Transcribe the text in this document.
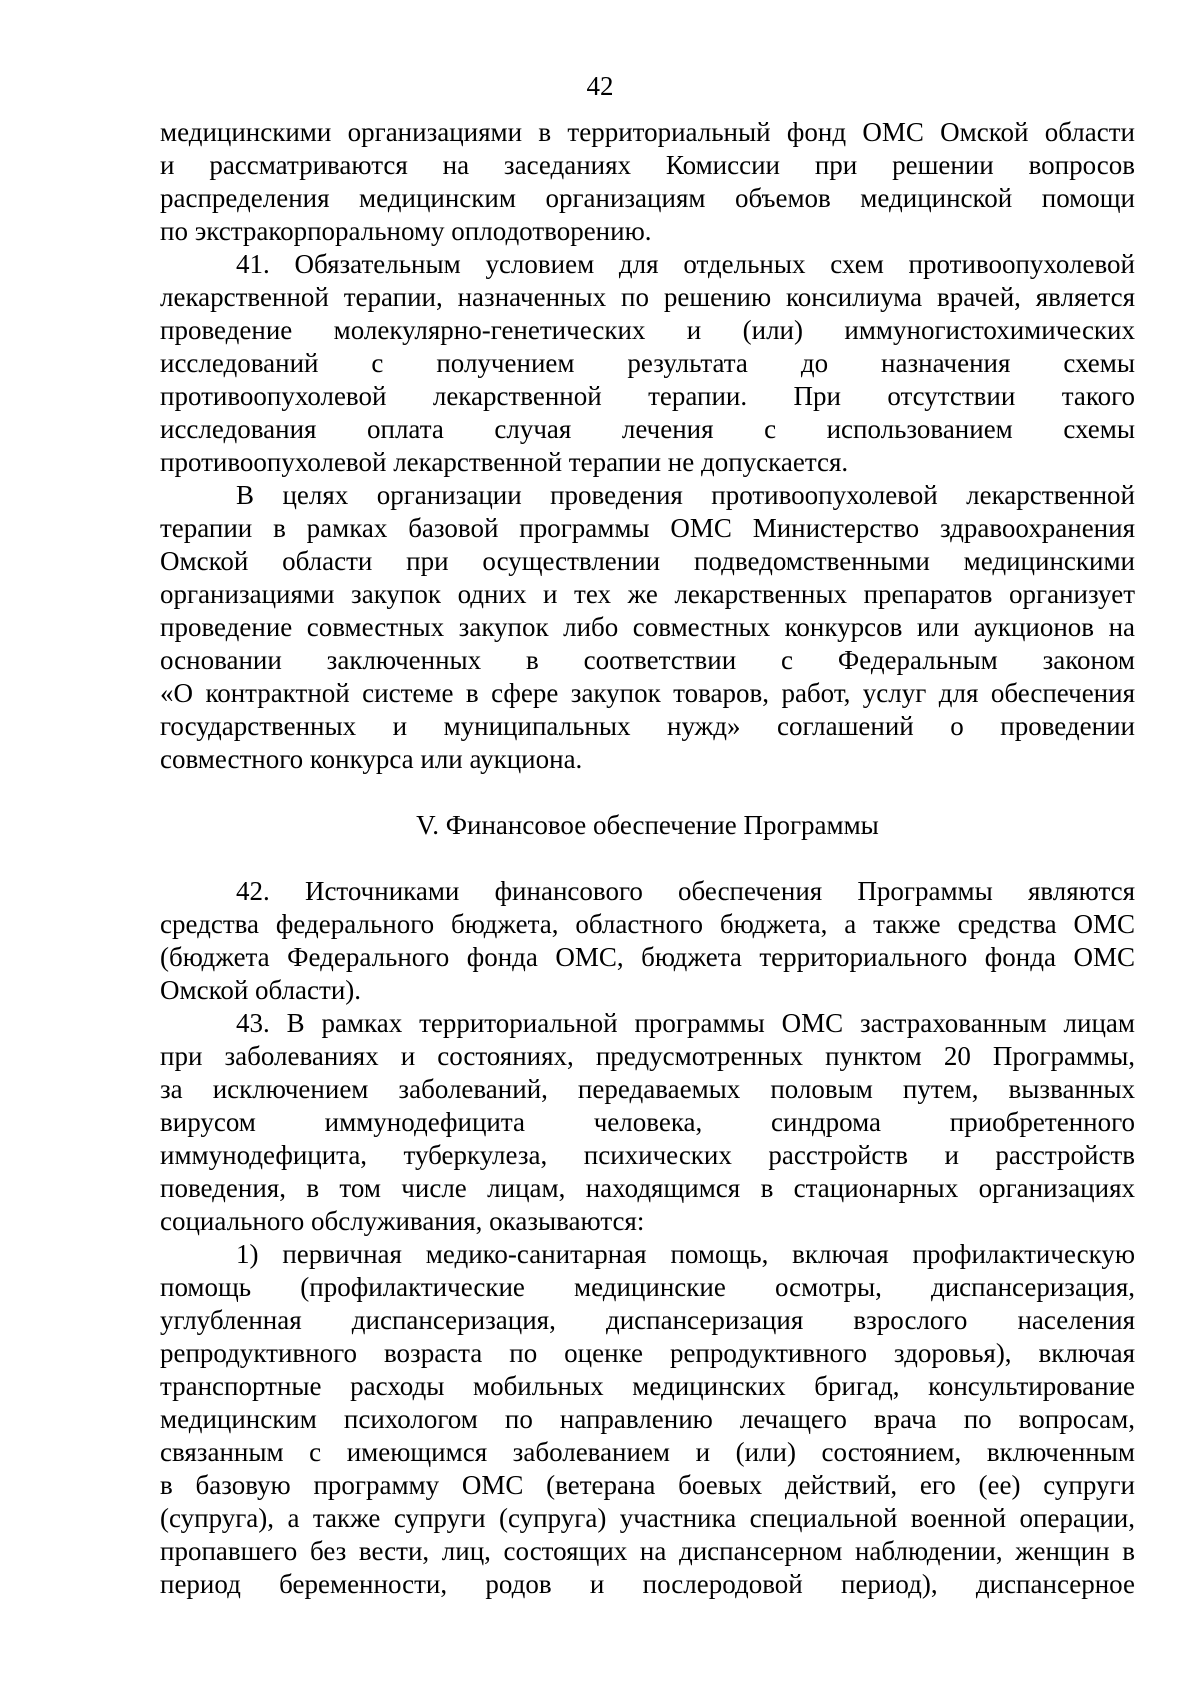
42
медицинскими организациями в территориальный фонд ОМС Омской области
и рассматриваются на заседаниях Комиссии при решении вопросов
распределения медицинским организациям объемов медицинской помощи
по экстракорпоральному оплодотворению.
41. Обязательным условием для отдельных схем противоопухолевой
лекарственной терапии, назначенных по решению консилиума врачей, является
проведение молекулярно-генетических и (или) иммуногистохимических
исследований с получением результата до назначения схемы
противоопухолевой лекарственной терапии. При отсутствии такого
исследования оплата случая лечения с использованием схемы
противоопухолевой лекарственной терапии не допускается.
В целях организации проведения противоопухолевой лекарственной
терапии в рамках базовой программы ОМС Министерство здравоохранения
Омской области при осуществлении подведомственными медицинскими
организациями закупок одних и тех же лекарственных препаратов организует
проведение совместных закупок либо совместных конкурсов или аукционов на
основании заключенных в соответствии с Федеральным законом
«О контрактной системе в сфере закупок товаров, работ, услуг для обеспечения
государственных и муниципальных нужд» соглашений о проведении
совместного конкурса или аукциона.
V. Финансовое обеспечение Программы
42. Источниками финансового обеспечения Программы являются
средства федерального бюджета, областного бюджета, а также средства ОМС
(бюджета Федерального фонда ОМС, бюджета территориального фонда ОМС
Омской области).
43. В рамках территориальной программы ОМС застрахованным лицам
при заболеваниях и состояниях, предусмотренных пунктом 20 Программы,
за исключением заболеваний, передаваемых половым путем, вызванных
вирусом иммунодефицита человека, синдрома приобретенного
иммунодефицита, туберкулеза, психических расстройств и расстройств
поведения, в том числе лицам, находящимся в стационарных организациях
социального обслуживания, оказываются:
1) первичная медико-санитарная помощь, включая профилактическую
помощь (профилактические медицинские осмотры, диспансеризация,
углубленная диспансеризация, диспансеризация взрослого населения
репродуктивного возраста по оценке репродуктивного здоровья), включая
транспортные расходы мобильных медицинских бригад, консультирование
медицинским психологом по направлению лечащего врача по вопросам,
связанным с имеющимся заболеванием и (или) состоянием, включенным
в базовую программу ОМС (ветерана боевых действий, его (ее) супруги
(супруга), а также супруги (супруга) участника специальной военной операции,
пропавшего без вести, лиц, состоящих на диспансерном наблюдении, женщин в
период беременности, родов и послеродовой период), диспансерное
